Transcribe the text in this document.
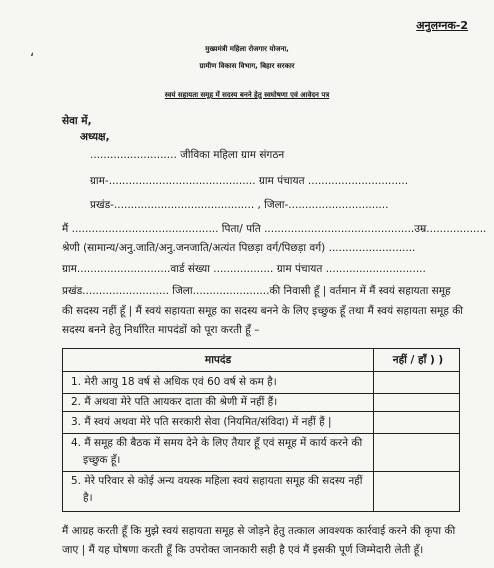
अनुलग्नक-2
ʻ
मुख्यमंत्री महिला रोजगार योजना,
ग्रामीण विकास विभाग, बिहार सरकार
स्वयं सहायता समूह में सदस्य बनने हेतु स्वघोषणा एवं आवेदन पत्र
सेवा में,
अध्यक्ष,
.......................... जीविका महिला ग्राम संगठन
ग्राम-............................................ ग्राम पंचायत ..............................
प्रखंड-.......................................... , जिला-..............................
मैं ............................................ पिता/ पति .............................................उम्र..................
श्रेणी (सामान्य/अनु.जाति/अनु.जनजाति/अत्यंत पिछड़ा वर्ग/पिछड़ा वर्ग) ..........................
ग्राम............................वार्ड संख्या .................. ग्राम पंचायत ..............................
प्रखंड.......................... जिला.......................की निवासी हूँ | वर्तमान में मैं स्वयं सहायता समूह
की सदस्य नहीं हूँ | मैं स्वयं सहायता समूह का सदस्य बनने के लिए इच्छुक हूँ तथा मैं स्वयं सहायता समूह की
सदस्य बनने हेतु निर्धारित मापदंडों को पूरा करती हूँ –
मापदंड	नहीं / हाँ ) )
1. मेरी आयु 18 वर्ष से अधिक एवं 60 वर्ष से कम है।
2. मैं अथवा मेरे पति आयकर दाता की श्रेणी में नहीं हैं।
3. मैं स्वयं अथवा मेरे पति सरकारी सेवा (नियमित/संविदा) में नहीं हैं |
4. मैं समूह की बैठक में समय देने के लिए तैयार हूँ एवं समूह में कार्य करने की
इच्छुक हूँ।
5. मेरे परिवार से कोई अन्य वयस्क महिला स्वयं सहायता समूह की सदस्य नहीं
है।
मैं आग्रह करती हूँ कि मुझे स्वयं सहायता समूह से जोड़ने हेतु तत्काल आवश्यक कार्रवाई करने की कृपा की
जाए | मैं यह घोषणा करती हूँ कि उपरोक्त जानकारी सही है एवं मैं इसकी पूर्ण जिम्मेदारी लेती हूँ।
